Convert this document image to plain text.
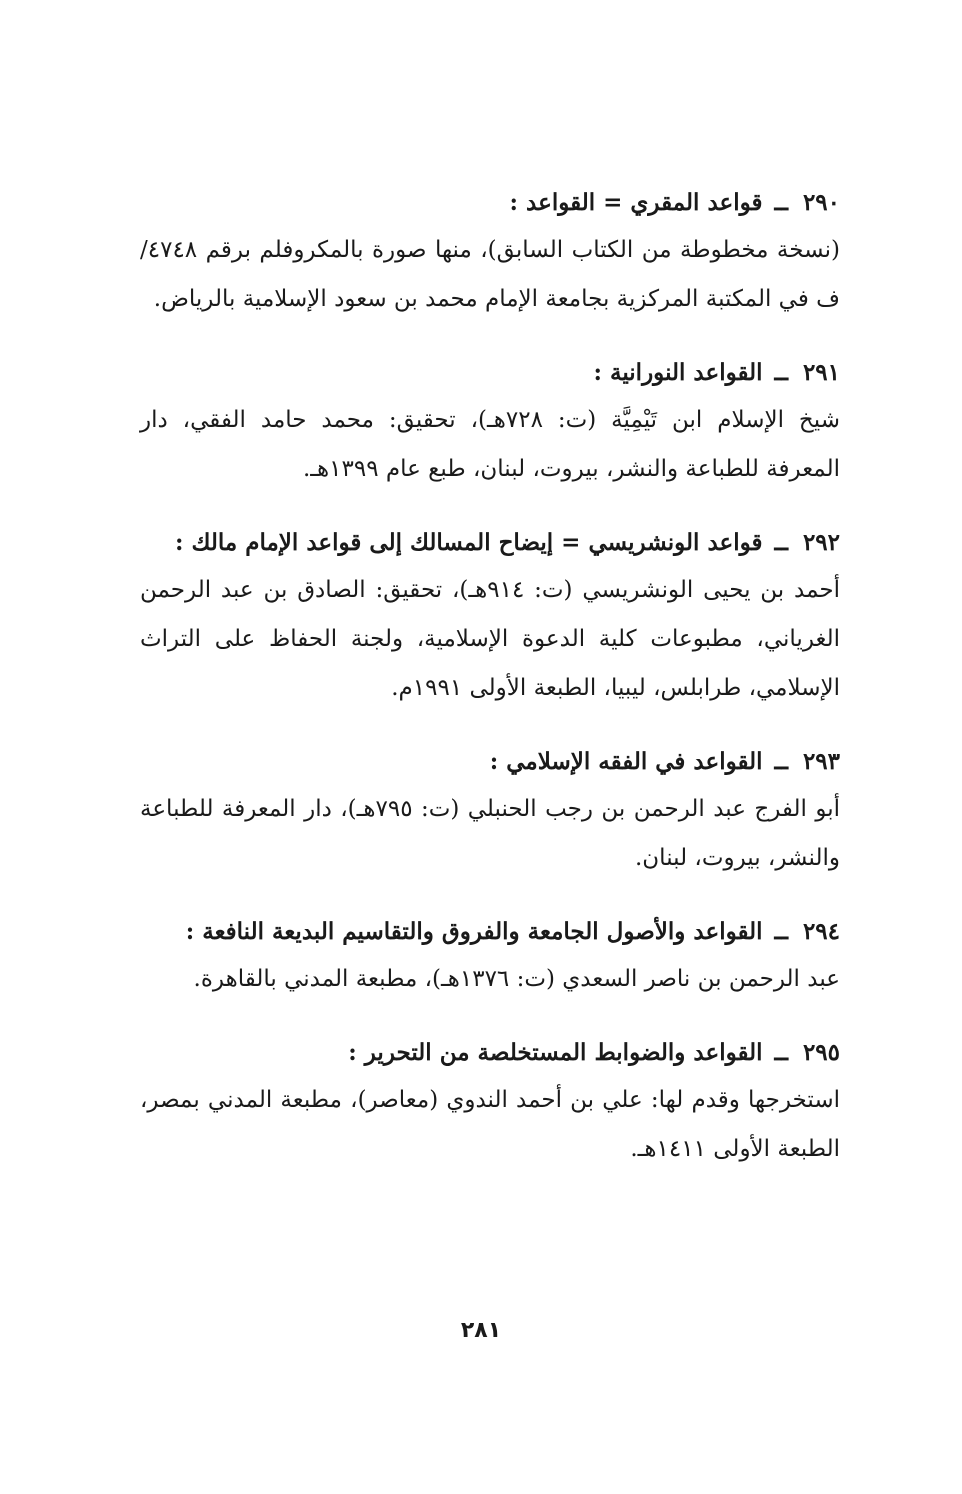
٢٩٠ــقواعد المقري = القواعد :
(نسخة مخطوطة من الكتاب السابق)، منها صورة بالمكروفلم برقم ٤٧٤٨/ف في المكتبة المركزية بجامعة الإمام محمد بن سعود الإسلامية بالرياض.
٢٩١ــالقواعد النورانية :
شيخ الإسلام ابن تَيْمِيَّة (ت: ٧٢٨هـ)، تحقيق: محمد حامد الفقي، دار المعرفة للطباعة والنشر، بيروت، لبنان، طبع عام ١٣٩٩هـ.
٢٩٢ــقواعد الونشريسي = إيضاح المسالك إلى قواعد الإمام مالك :
أحمد بن يحيى الونشريسي (ت: ٩١٤هـ)، تحقيق: الصادق بن عبد الرحمن الغرياني، مطبوعات كلية الدعوة الإسلامية، ولجنة الحفاظ على التراث الإسلامي، طرابلس، ليبيا، الطبعة الأولى ١٩٩١م.
٢٩٣ــالقواعد في الفقه الإسلامي :
أبو الفرج عبد الرحمن بن رجب الحنبلي (ت: ٧٩٥هـ)، دار المعرفة للطباعة والنشر، بيروت، لبنان.
٢٩٤ــالقواعد والأصول الجامعة والفروق والتقاسيم البديعة النافعة :
عبد الرحمن بن ناصر السعدي (ت: ١٣٧٦هـ)، مطبعة المدني بالقاهرة.
٢٩٥ــالقواعد والضوابط المستخلصة من التحرير :
استخرجها وقدم لها: علي بن أحمد الندوي (معاصر)، مطبعة المدني بمصر، الطبعة الأولى ١٤١١هـ.
٢٨١
